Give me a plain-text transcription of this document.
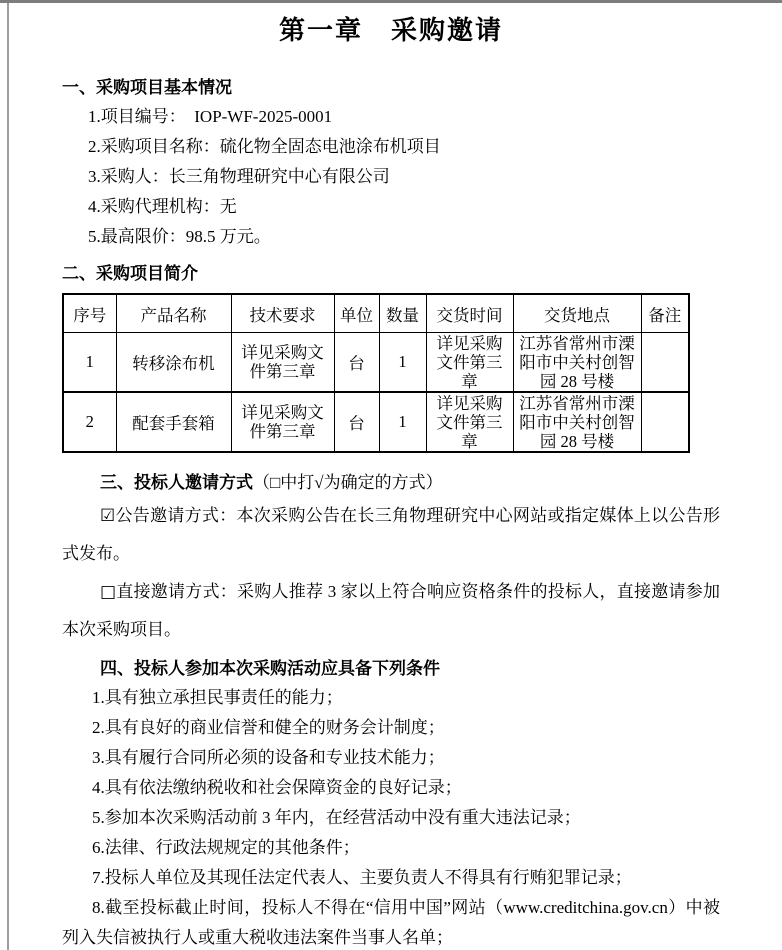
第一章　采购邀请
一、采购项目基本情况

1.项目编号：　IOP-WF-2025-0001

2.采购项目名称：硫化物全固态电池涂布机项目

3.采购人：长三角物理研究中心有限公司

4.采购代理机构：无

5.最高限价：98.5 万元。

二、采购项目简介
序号	产品名称	技术要求	单位	数量	交货时间	交货地点	备注
1	转移涂布机	详见采购文件第三章	台	1	详见采购文件第三章	江苏省常州市溧阳市中关村创智园 28 号楼	
2	配套手套箱	详见采购文件第三章	台	1	详见采购文件第三章	江苏省常州市溧阳市中关村创智园 28 号楼	
三、投标人邀请方式（□中打√为确定的方式）

☑公告邀请方式：本次采购公告在长三角物理研究中心网站或指定媒体上以公告形式发布。

□直接邀请方式：采购人推荐 3 家以上符合响应资格条件的投标人，直接邀请参加本次采购项目。

四、投标人参加本次采购活动应具备下列条件

1.具有独立承担民事责任的能力；

2.具有良好的商业信誉和健全的财务会计制度；

3.具有履行合同所必须的设备和专业技术能力；

4.具有依法缴纳税收和社会保障资金的良好记录；

5.参加本次采购活动前 3 年内，在经营活动中没有重大违法记录；

6.法律、行政法规规定的其他条件；

7.投标人单位及其现任法定代表人、主要负责人不得具有行贿犯罪记录；

8.截至投标截止时间，投标人不得在“信用中国”网站（www.creditchina.gov.cn）中被列入失信被执行人或重大税收违法案件当事人名单；
